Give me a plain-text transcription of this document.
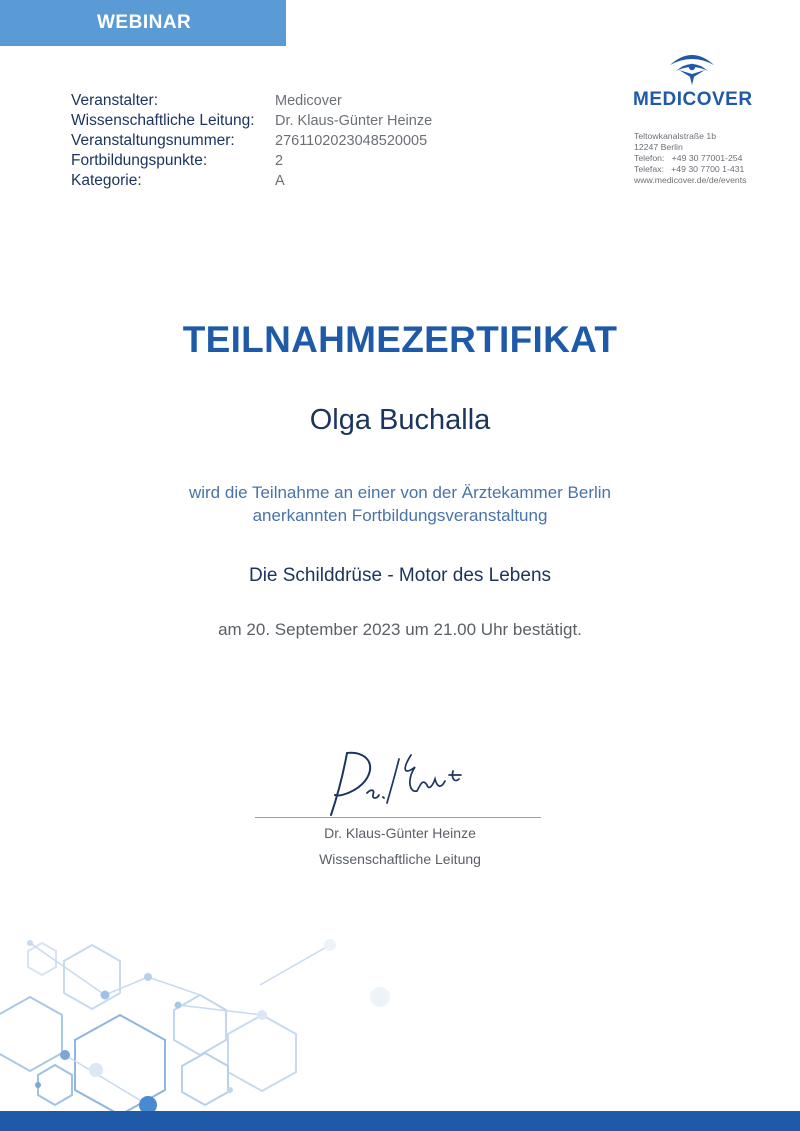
WEBINAR
Veranstalter:	Medicover
Wissenschaftliche Leitung:	Dr. Klaus-Günter Heinze
Veranstaltungsnummer:	2761102023048520005
Fortbildungspunkte:	2
Kategorie:	A
MEDICOVER
Teltowkanalstraße 1b
12247 Berlin
Telefon:   +49 30 77001-254
Telefax:   +49 30 7700 1-431
www.medicover.de/de/events
TEILNAHMEZERTIFIKAT
Olga Buchalla
wird die Teilnahme an einer von der Ärztekammer Berlin
anerkannten Fortbildungsveranstaltung
Die Schilddrüse - Motor des Lebens
am 20. September 2023 um 21.00 Uhr bestätigt.
Dr. Klaus-Günter Heinze
Wissenschaftliche Leitung
